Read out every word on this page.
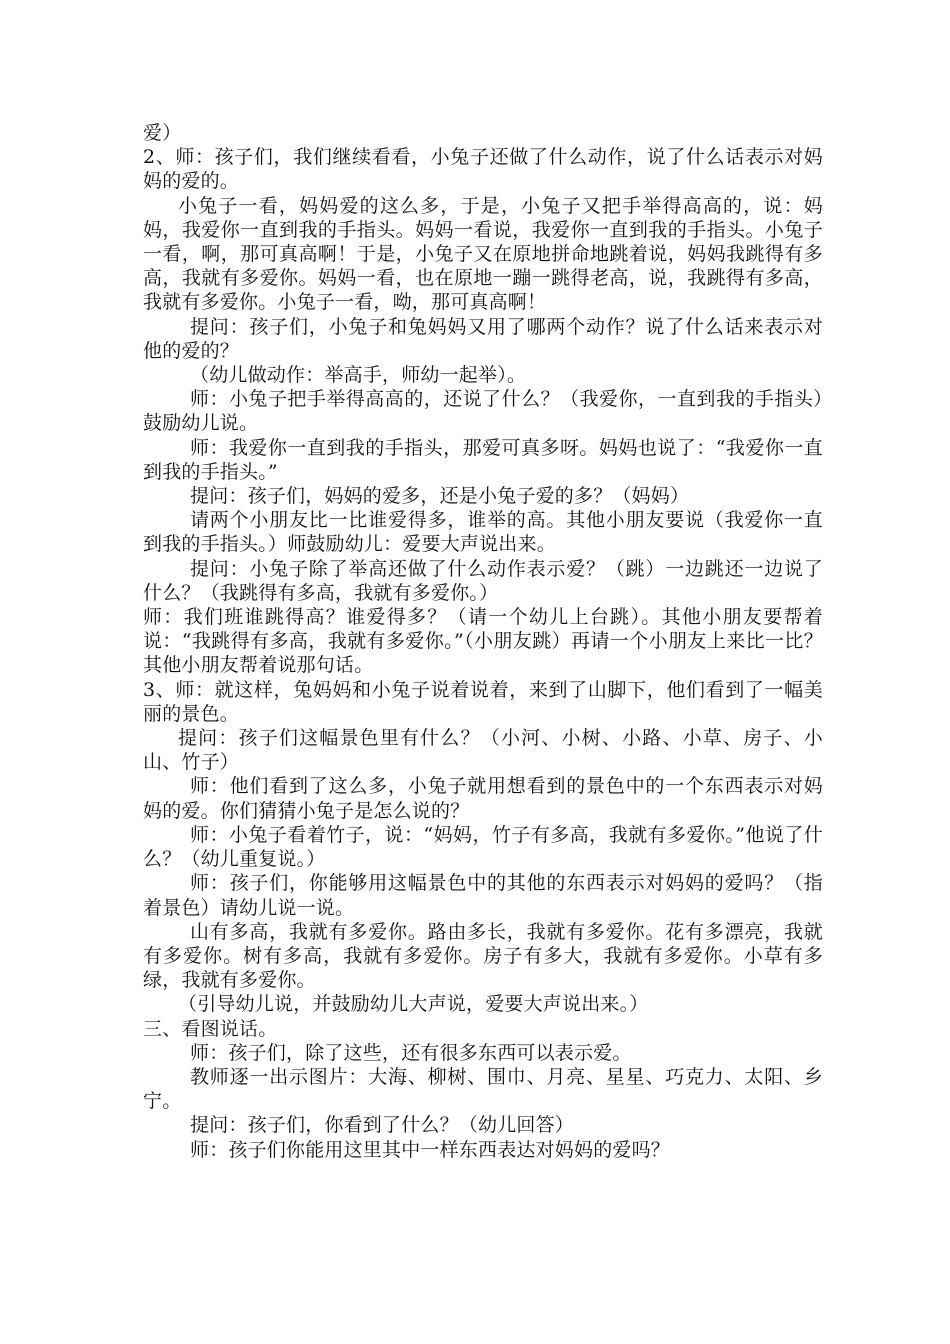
爱）

2、师：孩子们，我们继续看看，小兔子还做了什么动作，说了什么话表示对妈妈的爱的。

小兔子一看，妈妈爱的这么多，于是，小兔子又把手举得高高的，说：妈妈，我爱你一直到我的手指头。妈妈一看说，我爱你一直到我的手指头。小兔子一看，啊，那可真高啊！于是，小兔子又在原地拼命地跳着说，妈妈我跳得有多高，我就有多爱你。妈妈一看，也在原地一蹦一跳得老高，说，我跳得有多高，我就有多爱你。小兔子一看，呦，那可真高啊！

提问：孩子们，小兔子和兔妈妈又用了哪两个动作？说了什么话来表示对他的爱的？

（幼儿做动作：举高手，师幼一起举）。

师：小兔子把手举得高高的，还说了什么？（我爱你，一直到我的手指头）鼓励幼儿说。

师：我爱你一直到我的手指头，那爱可真多呀。妈妈也说了：“我爱你一直到我的手指头。”

提问：孩子们，妈妈的爱多，还是小兔子爱的多？（妈妈）

请两个小朋友比一比谁爱得多，谁举的高。其他小朋友要说（我爱你一直到我的手指头。）师鼓励幼儿：爱要大声说出来。

提问：小兔子除了举高还做了什么动作表示爱？（跳）一边跳还一边说了什么？（我跳得有多高，我就有多爱你。）

师：我们班谁跳得高？谁爱得多？（请一个幼儿上台跳）。其他小朋友要帮着说：“我跳得有多高，我就有多爱你。”（小朋友跳）再请一个小朋友上来比一比？其他小朋友帮着说那句话。

3、师：就这样，兔妈妈和小兔子说着说着，来到了山脚下，他们看到了一幅美丽的景色。

提问：孩子们这幅景色里有什么？（小河、小树、小路、小草、房子、小山、竹子）

师：他们看到了这么多，小兔子就用想看到的景色中的一个东西表示对妈妈的爱。你们猜猜小兔子是怎么说的？

师：小兔子看着竹子，说：“妈妈，竹子有多高，我就有多爱你。”他说了什么？（幼儿重复说。）

师：孩子们，你能够用这幅景色中的其他的东西表示对妈妈的爱吗？（指着景色）请幼儿说一说。

山有多高，我就有多爱你。路由多长，我就有多爱你。花有多漂亮，我就有多爱你。树有多高，我就有多爱你。房子有多大，我就有多爱你。小草有多绿，我就有多爱你。

（引导幼儿说，并鼓励幼儿大声说，爱要大声说出来。）

三、看图说话。

师：孩子们，除了这些，还有很多东西可以表示爱。

教师逐一出示图片：大海、柳树、围巾、月亮、星星、巧克力、太阳、乡宁。

提问：孩子们，你看到了什么？（幼儿回答）

师：孩子们你能用这里其中一样东西表达对妈妈的爱吗？
